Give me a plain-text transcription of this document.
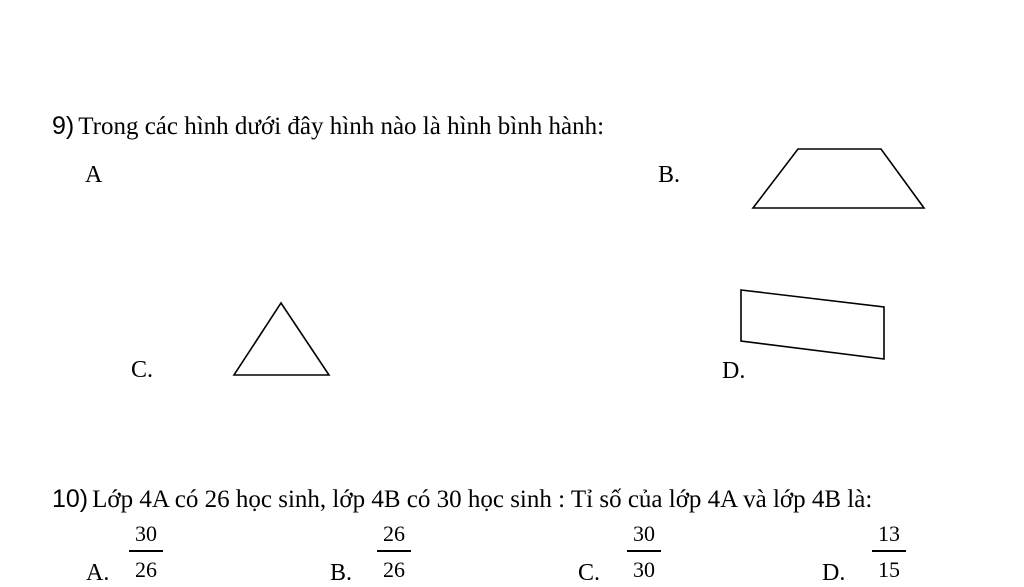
9) Trong các hình dưới đây hình nào là hình bình hành:
A	B.
C.	D.
10) Lớp 4A có 26 học sinh, lớp 4B có 30 học sinh : Tỉ số của lớp 4A và lớp 4B là:
A.
30
26	B.
26
26	C.
30
30	D.
13
15
